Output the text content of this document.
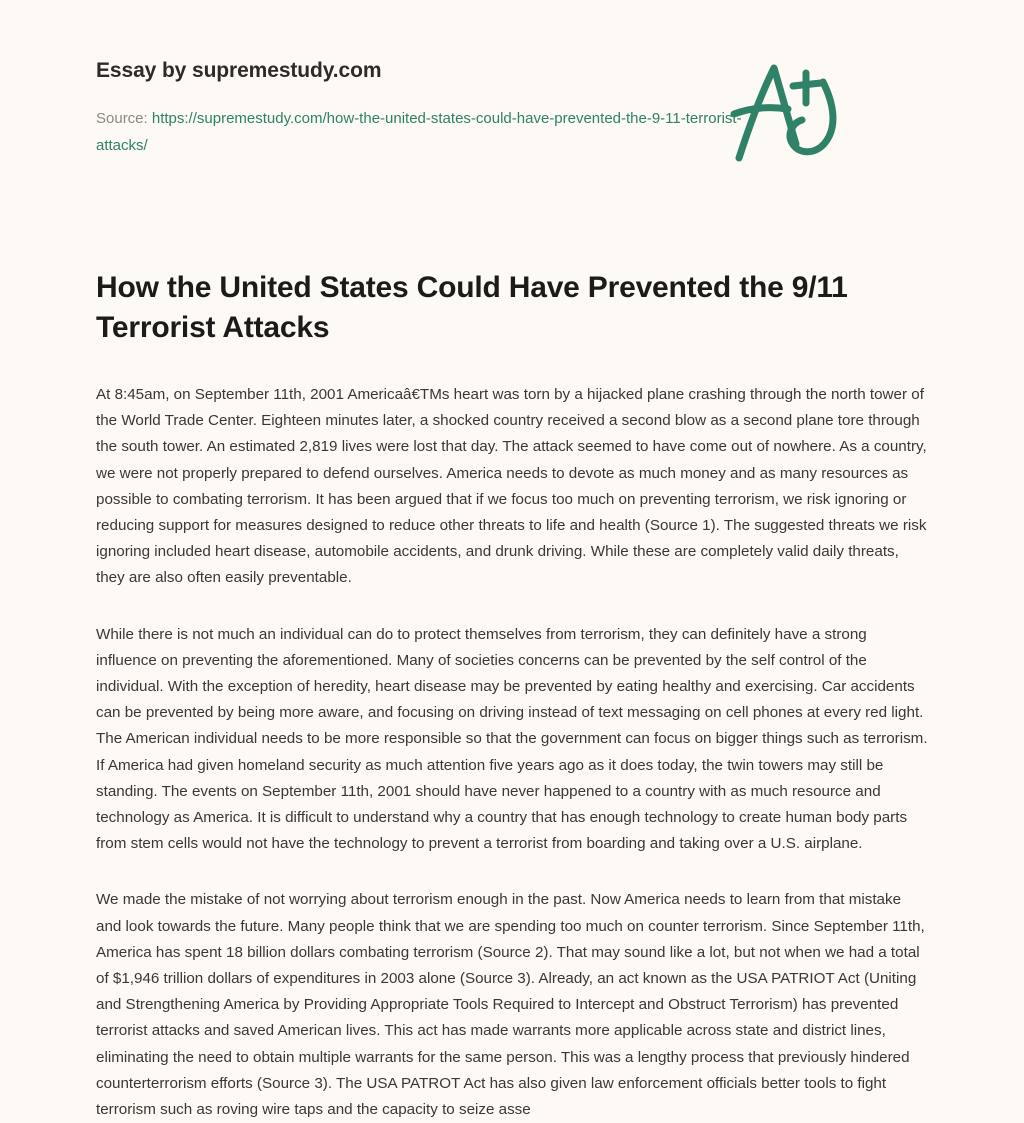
Essay by supremestudy.com
Source: https://supremestudy.com/how-the-united-states-could-have-prevented-the-9-11-terrorist-attacks/
How the United States Could Have Prevented the 9/11 Terrorist Attacks

At 8:45am, on September 11th, 2001 Americaâ€TMs heart was torn by a hijacked plane crashing through the north tower of the World Trade Center. Eighteen minutes later, a shocked country received a second blow as a second plane tore through the south tower. An estimated 2,819 lives were lost that day. The attack seemed to have come out of nowhere. As a country, we were not properly prepared to defend ourselves. America needs to devote as much money and as many resources as possible to combating terrorism. It has been argued that if we focus too much on preventing terrorism, we risk ignoring or reducing support for measures designed to reduce other threats to life and health (Source 1). The suggested threats we risk ignoring included heart disease, automobile accidents, and drunk driving. While these are completely valid daily threats, they are also often easily preventable.

While there is not much an individual can do to protect themselves from terrorism, they can definitely have a strong influence on preventing the aforementioned. Many of societies concerns can be prevented by the self control of the individual. With the exception of heredity, heart disease may be prevented by eating healthy and exercising. Car accidents can be prevented by being more aware, and focusing on driving instead of text messaging on cell phones at every red light. The American individual needs to be more responsible so that the government can focus on bigger things such as terrorism. If America had given homeland security as much attention five years ago as it does today, the twin towers may still be standing. The events on September 11th, 2001 should have never happened to a country with as much resource and technology as America. It is difficult to understand why a country that has enough technology to create human body parts from stem cells would not have the technology to prevent a terrorist from boarding and taking over a U.S. airplane.

We made the mistake of not worrying about terrorism enough in the past. Now America needs to learn from that mistake and look towards the future. Many people think that we are spending too much on counter terrorism. Since September 11th, America has spent 18 billion dollars combating terrorism (Source 2). That may sound like a lot, but not when we had a total of $1,946 trillion dollars of expenditures in 2003 alone (Source 3). Already, an act known as the USA PATRIOT Act (Uniting and Strengthening America by Providing Appropriate Tools Required to Intercept and Obstruct Terrorism) has prevented terrorist attacks and saved American lives. This act has made warrants more applicable across state and district lines, eliminating the need to obtain multiple warrants for the same person. This was a lengthy process that previously hindered counterterrorism efforts (Source 3). The USA PATROT Act has also given law enforcement officials better tools to fight terrorism such as roving wire taps and the capacity to seize asse
